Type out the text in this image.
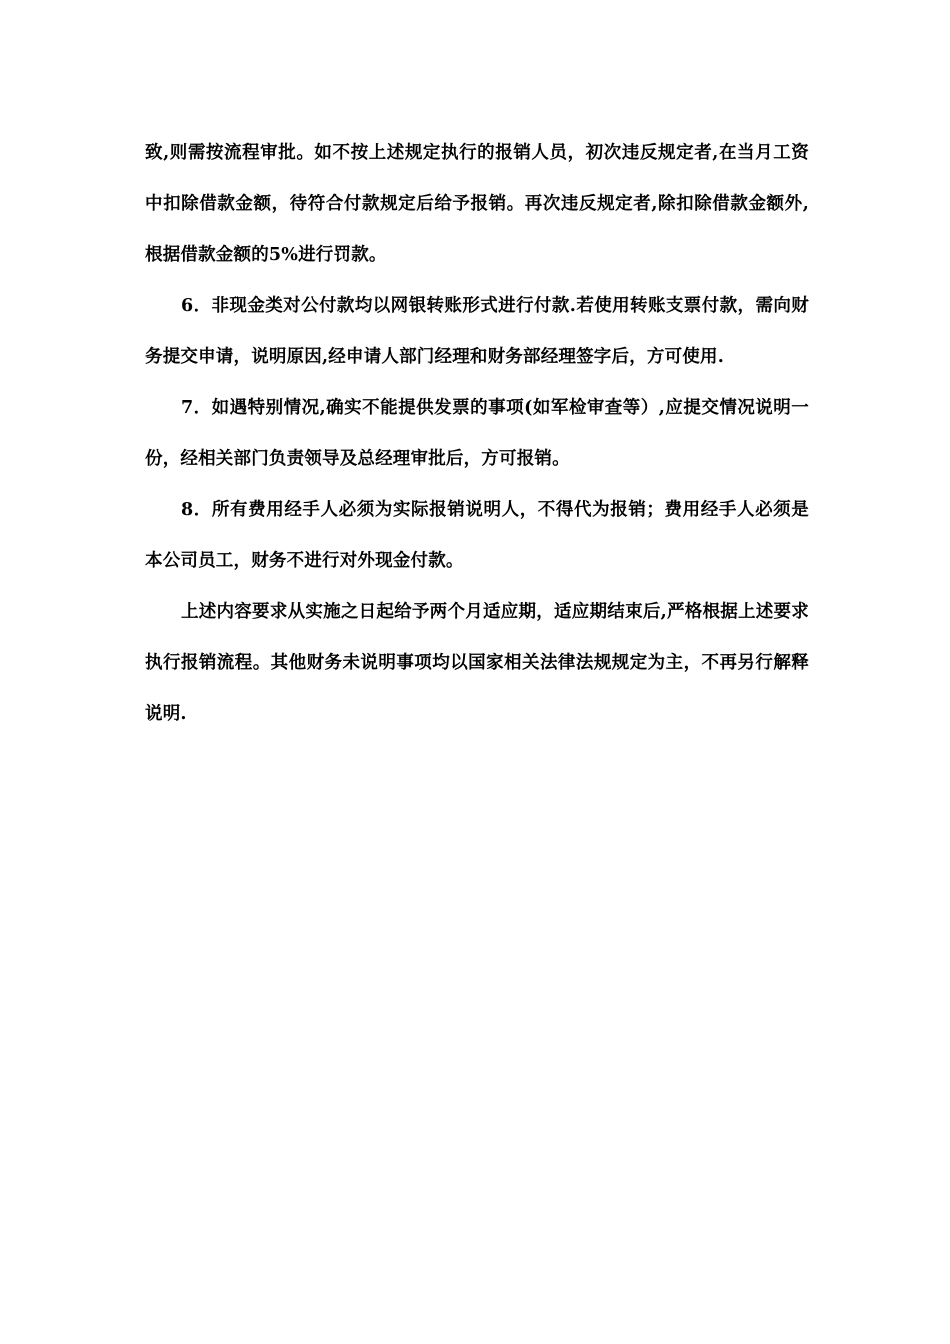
致,则需按流程审批。如不按上述规定执行的报销人员，初次违反规定者,在当月工资中扣除借款金额，待符合付款规定后给予报销。再次违反规定者,除扣除借款金额外,根据借款金额的5%进行罚款。

6．非现金类对公付款均以网银转账形式进行付款.若使用转账支票付款，需向财务提交申请，说明原因,经申请人部门经理和财务部经理签字后，方可使用.

7．如遇特别情况,确实不能提供发票的事项(如军检审查等）,应提交情况说明一份，经相关部门负责领导及总经理审批后，方可报销。

8．所有费用经手人必须为实际报销说明人，不得代为报销；费用经手人必须是本公司员工，财务不进行对外现金付款。

上述内容要求从实施之日起给予两个月适应期，适应期结束后,严格根据上述要求执行报销流程。其他财务未说明事项均以国家相关法律法规规定为主，不再另行解释说明.
